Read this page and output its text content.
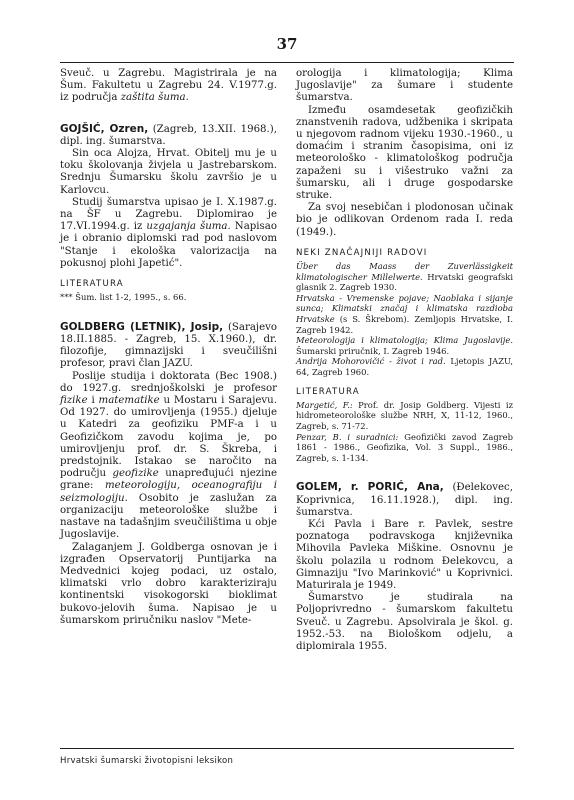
37

Sveuč. u Zagrebu. Magistrirala je na Šum. Fakultetu u Zagrebu 24. V.1977.g. iz područja zaštita šuma.

GOJŠIĆ, Ozren, (Zagreb, 13.XII. 1968.), dipl. ing. šumarstva.

Sin oca Alojza, Hrvat. Obitelj mu je u toku školovanja živjela u Jastrebarskom. Srednju Šumarsku školu završio je u Karlovcu.

Studij šumarstva upisao je I. X.1987.g. na ŠF u Zagrebu. Diplomirao je 17.VI.1994.g. iz uzgajanja šuma. Napisao je i obranio diplomski rad pod naslovom "Stanje i ekološka valorizacija na pokusnoj plohi Japetić".

LITERATURA

*** Šum. list 1-2, 1995., s. 66.

GOLDBERG (LETNIK), Josip, (Sarajevo 18.II.1885. - Zagreb, 15. X.1960.), dr. filozofije, gimnazijski i sveučilišni profesor, pravi član JAZU.

Poslije studija i doktorata (Bec 1908.) do 1927.g. srednjoškolski je profesor fizike i matematike u Mostaru i Sarajevu. Od 1927. do umirovljenja (1955.) djeluje u Katedri za geofiziku PMF-a i u Geofizičkom zavodu kojima je, po umirovljenju prof. dr. S. Škreba, i predstojnik. Istakao se naročito na području geofizike unapređujući njezine grane: meteorologiju, oceanografiju i seizmologiju. Osobito je zaslužan za organizaciju meteorološke službe i nastave na tadašnjim sveučilištima u obje Jugoslavije.

Zalaganjem J. Goldberga osnovan je i izgrađen Opservatorij Puntijarka na Medvednici kojeg podaci, uz ostalo, klimatski vrlo dobro karakteriziraju kontinentski visokogorski bioklimat bukovo-jelovih šuma. Napisao je u šumarskom priručniku naslov "Mete-

orologija i klimatologija; Klima Jugoslavije" za šumare i studente šumarstva.

Između osamdesetak geofizičkih znanstvenih radova, udžbenika i skripata u njegovom radnom vijeku 1930.-1960., u domaćim i stranim časopisima, oni iz meteorološko - klimatološkog područja zapaženi su i višestruko važni za šumarsku, ali i druge gospodarske struke.

Za svoj nesebičan i plodonosan učinak bio je odlikovan Ordenom rada I. reda (1949.).

NEKI ZNAČAJNIJI RADOVI

Über das Maass der Zuverlässigkeit klimatologischer Millelwerte. Hrvatski geografski glasnik 2. Zagreb 1930.

Hrvatska - Vremenske pojave; Naoblaka i sijanje sunca; Klimatski značaj i klimatska razdioba Hrvatske (s S. Škrebom). Zemljopis Hrvatske, I. Zagreb 1942.

Meteorologija i klimatologija; Klima Jugoslavije. Šumarski priručnik, I. Zagreb 1946.

Andrija Mohorovičić - život i rad. Ljetopis JAZU, 64, Zagreb 1960.

LITERATURA

Margetić, F.: Prof. dr. Josip Goldberg. Vijesti iz hidrometeorološke službe NRH, X, 11-12, 1960., Zagreb, s. 71-72.

Penzar, B. i suradnici: Geofizički zavod Zagreb 1861 - 1986., Geofizika, Vol. 3 Suppl., 1986., Zagreb, s. 1-134.

GOLEM, r. PORIĆ, Ana, (Đelekovec, Koprivnica, 16.11.1928.), dipl. ing. šumarstva.

Kći Pavla i Bare r. Pavlek, sestre poznatoga podravskoga književnika Mihovila Pavleka Miškine. Osnovnu je školu polazila u rodnom Đelekovcu, a Gimnaziju "Ivo Marinković" u Koprivnici. Maturirala je 1949.

Šumarstvo je studirala na Poljoprivredno - šumarskom fakultetu Sveuč. u Zagrebu. Apsolvirala je škol. g. 1952.-53. na Biološkom odjelu, a diplomirala 1955.

Hrvatski šumarski životopisni leksikon
